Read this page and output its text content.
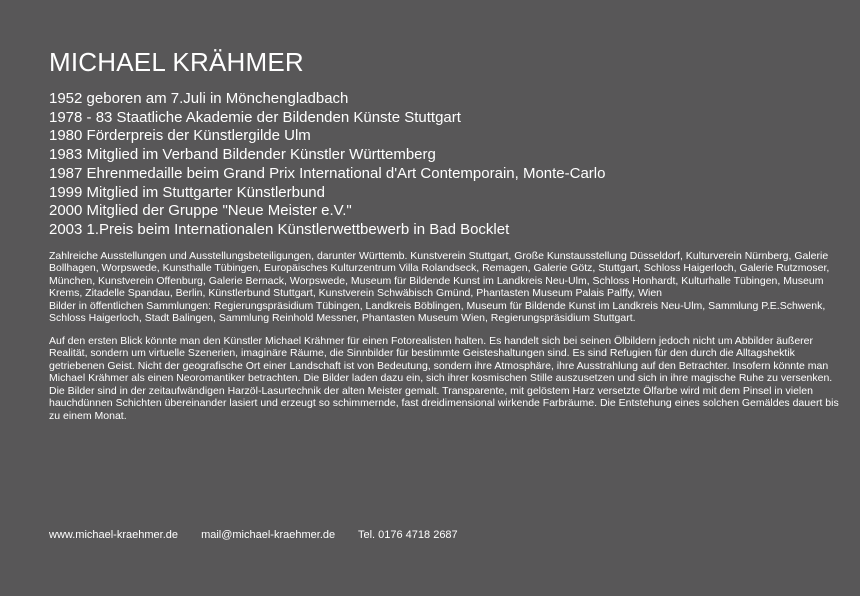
MICHAEL KRÄHMER
1952 geboren am 7.Juli in Mönchengladbach
1978 - 83 Staatliche Akademie der Bildenden Künste Stuttgart
1980 Förderpreis der Künstlergilde Ulm
1983 Mitglied im Verband Bildender Künstler Württemberg
1987 Ehrenmedaille beim Grand Prix International d'Art Contemporain, Monte-Carlo
1999 Mitglied im Stuttgarter Künstlerbund
2000 Mitglied der Gruppe "Neue Meister e.V."
2003 1.Preis beim Internationalen Künstlerwettbewerb in Bad Bocklet

Zahlreiche Ausstellungen und Ausstellungsbeteiligungen, darunter Württemb. Kunstverein Stuttgart, Große Kunstausstellung Düsseldorf, Kulturverein Nürnberg, Galerie Bollhagen, Worpswede, Kunsthalle Tübingen, Europäisches Kulturzentrum Villa Rolandseck, Remagen, Galerie Götz, Stuttgart, Schloss Haigerloch, Galerie Rutzmoser, München, Kunstverein Offenburg, Galerie Bernack, Worpswede, Museum für Bildende Kunst im Landkreis Neu-Ulm, Schloss Honhardt, Kulturhalle Tübingen, Museum Krems, Zitadelle Spandau, Berlin, Künstlerbund Stuttgart, Kunstverein Schwäbisch Gmünd, Phantasten Museum Palais Palffy, Wien

Bilder in öffentlichen Sammlungen: Regierungspräsidium Tübingen, Landkreis Böblingen, Museum für Bildende Kunst im Landkreis Neu-Ulm, Sammlung P.E.Schwenk, Schloss Haigerloch, Stadt Balingen, Sammlung Reinhold Messner, Phantasten Museum Wien, Regierungspräsidium Stuttgart.

Auf den ersten Blick könnte man den Künstler Michael Krähmer für einen Fotorealisten halten. Es handelt sich bei seinen Ölbildern jedoch nicht um Abbilder äußerer Realität, sondern um virtuelle Szenerien, imaginäre Räume, die Sinnbilder für bestimmte Geisteshaltungen sind. Es sind Refugien für den durch die Alltagshektik getriebenen Geist. Nicht der geografische Ort einer Landschaft ist von Bedeutung, sondern ihre Atmosphäre, ihre Ausstrahlung auf den Betrachter. Insofern könnte man Michael Krähmer als einen Neoromantiker betrachten. Die Bilder laden dazu ein, sich ihrer kosmischen Stille auszusetzen und sich in ihre magische Ruhe zu versenken.

Die Bilder sind in der zeitaufwändigen Harzöl-Lasurtechnik der alten Meister gemalt. Transparente, mit gelöstem Harz versetzte Ölfarbe wird mit dem Pinsel in vielen hauchdünnen Schichten übereinander lasiert und erzeugt so schimmernde, fast dreidimensional wirkende Farbräume. Die Entstehung eines solchen Gemäldes dauert bis zu einem Monat.

www.michael-kraehmer.de mail@michael-kraehmer.de Tel. 0176 4718 2687
